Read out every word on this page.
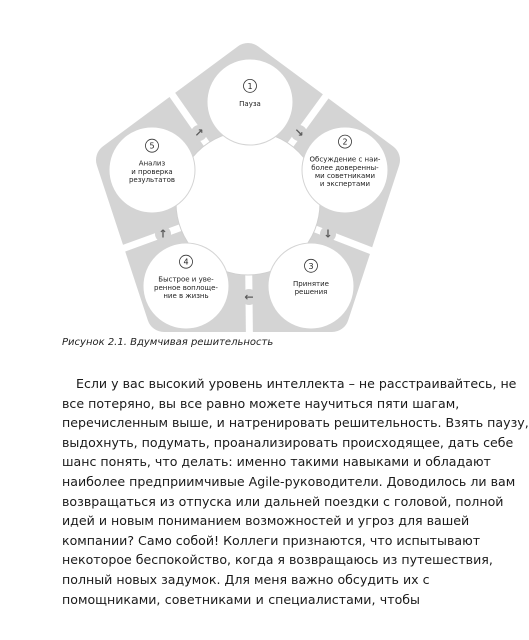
1
Пауза
2
Обсуждение с наи-
более доверенны-
ми советниками
и экспертами
3
Принятие
решения
4
Быстрое и уве-
ренное воплоще-
ние в жизнь
5
Анализ
и проверка
результатов
↘
↓
←
↑
↗
Рисунок 2.1. Вдумчивая решительность
Если у вас высокий уровень интеллекта – не расстраивайтесь, не
все потеряно, вы все равно можете научиться пяти шагам,
перечисленным выше, и натренировать решительность. Взять паузу,
выдохнуть, подумать, проанализировать происходящее, дать себе
шанс понять, что делать: именно такими навыками и обладают
наиболее предприимчивые Agile-руководители. Доводилось ли вам
возвращаться из отпуска или дальней поездки с головой, полной
идей и новым пониманием возможностей и угроз для вашей
компании? Само собой! Коллеги признаются, что испытывают
некоторое беспокойство, когда я возвращаюсь из путешествия,
полный новых задумок. Для меня важно обсудить их с
помощниками, советниками и специалистами, чтобы
